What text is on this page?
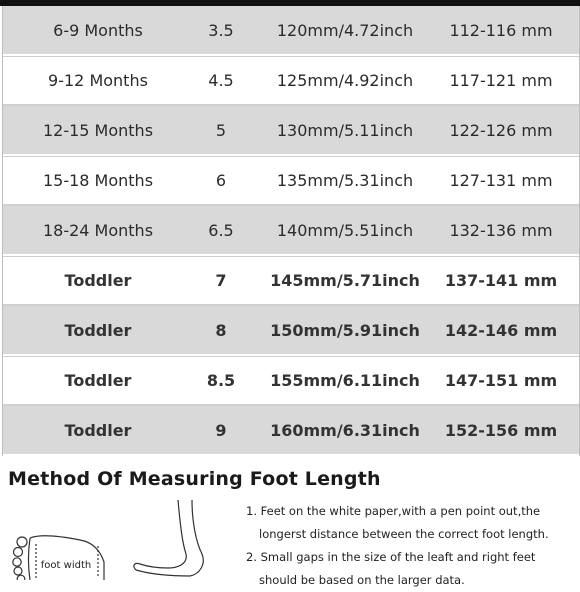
6-9 Months	3.5	120mm/4.72inch	112-116 mm
9-12 Months	4.5	125mm/4.92inch	117-121 mm
12-15 Months	5	130mm/5.11inch	122-126 mm
15-18 Months	6	135mm/5.31inch	127-131 mm
18-24 Months	6.5	140mm/5.51inch	132-136 mm
Toddler	7	145mm/5.71inch	137-141 mm
Toddler	8	150mm/5.91inch	142-146 mm
Toddler	8.5	155mm/6.11inch	147-151 mm
Toddler	9	160mm/6.31inch	152-156 mm
Method Of Measuring Foot Length
foot width
1. Feet on the white paper,with a pen point out,the
longerst distance between the correct foot length.
2. Small gaps in the size of the leaft and right feet
should be based on the larger data.
